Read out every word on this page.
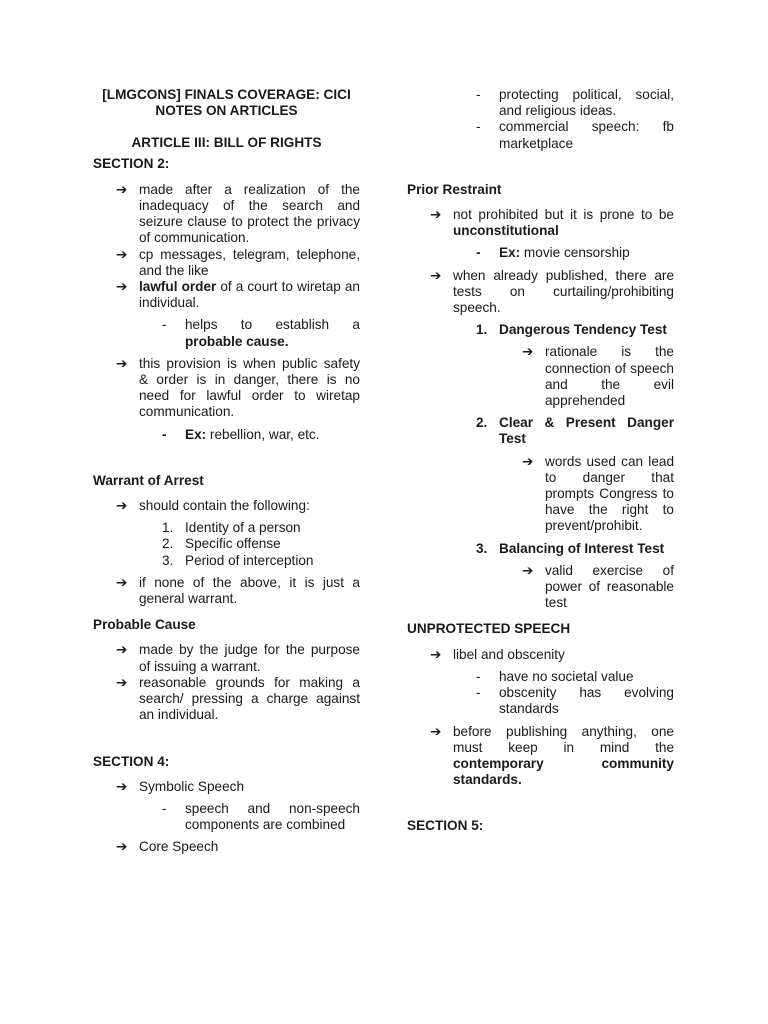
[LMGCONS] FINALS COVERAGE: CICI NOTES ON ARTICLES
ARTICLE III: BILL OF RIGHTS
SECTION 2:
➔ made after a realization of the inadequacy of the search and seizure clause to protect the privacy of communication.
➔ cp messages, telegram, telephone, and the like
➔ lawful order of a court to wiretap an individual.
- helps to establish a probable cause.
➔ this provision is when public safety & order is in danger, there is no need for lawful order to wiretap communication.
- Ex: rebellion, war, etc.
Warrant of Arrest
➔ should contain the following:
1. Identity of a person
2. Specific offense
3. Period of interception
➔ if none of the above, it is just a general warrant.
Probable Cause
➔ made by the judge for the purpose of issuing a warrant.
➔ reasonable grounds for making a search/ pressing a charge against an individual.
SECTION 4:
➔ Symbolic Speech
- speech and non-speech components are combined
➔ Core Speech
- protecting political, social, and religious ideas.
- commercial speech: fb marketplace
Prior Restraint
➔ not prohibited but it is prone to be unconstitutional
- Ex: movie censorship
➔ when already published, there are tests on curtailing/prohibiting speech.
1. Dangerous Tendency Test
➔ rationale is the connection of speech and the evil apprehended
2. Clear & Present Danger Test
➔ words used can lead to danger that prompts Congress to have the right to prevent/prohibit.
3. Balancing of Interest Test
➔ valid exercise of power of reasonable test
UNPROTECTED SPEECH
➔ libel and obscenity
- have no societal value
- obscenity has evolving standards
➔ before publishing anything, one must keep in mind the contemporary community standards.
SECTION 5:
